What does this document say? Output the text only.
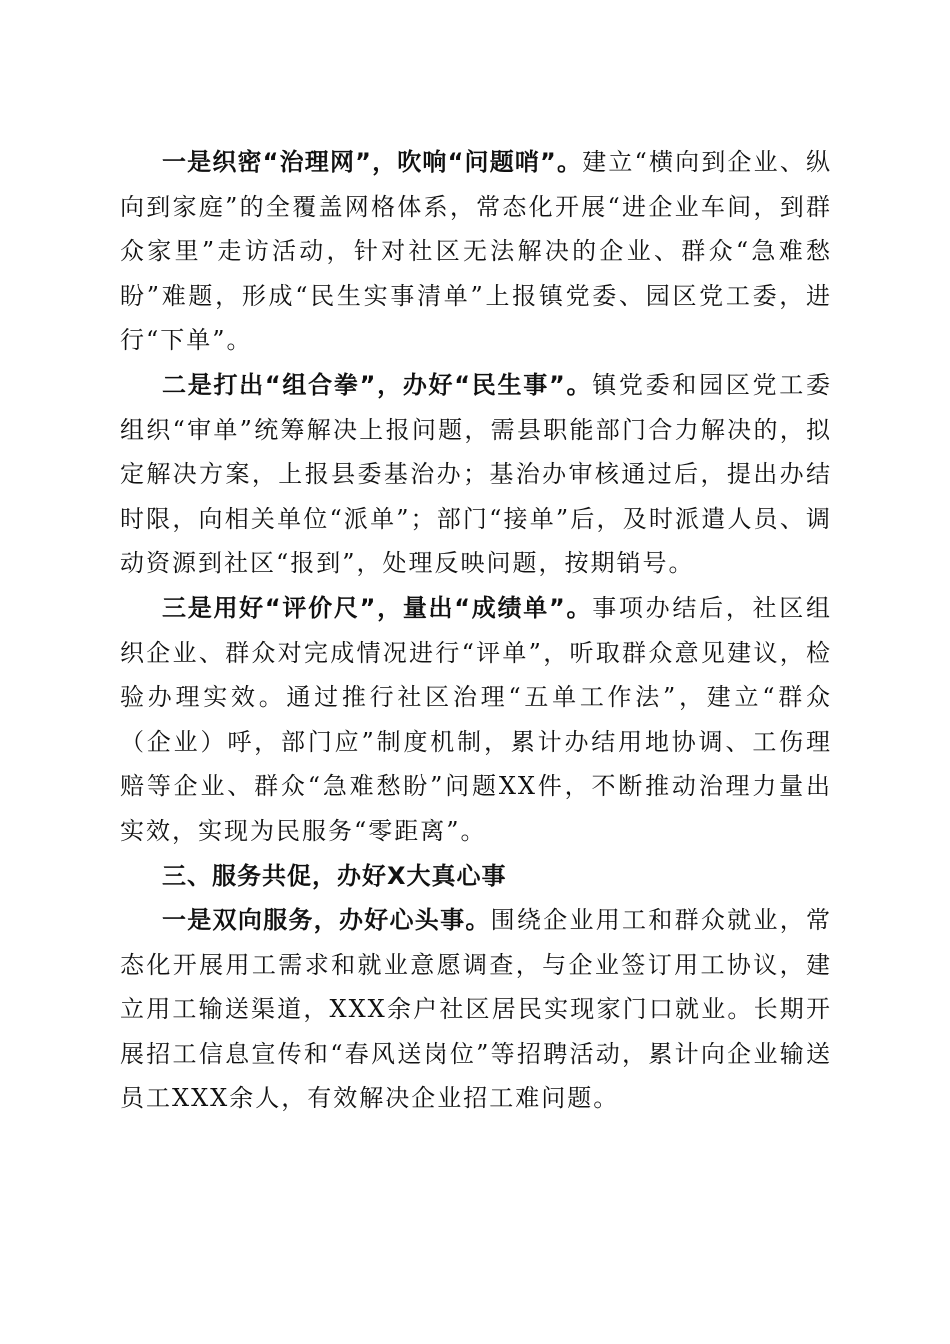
一是织密“治理网”，吹响“问题哨”。建立“横向到企业、纵向到家庭”的全覆盖网格体系，常态化开展“进企业车间，到群众家里”走访活动，针对社区无法解决的企业、群众“急难愁盼”难题，形成“民生实事清单”上报镇党委、园区党工委，进行“下单”。

二是打出“组合拳”，办好“民生事”。镇党委和园区党工委组织“审单”统筹解决上报问题，需县职能部门合力解决的，拟定解决方案，上报县委基治办；基治办审核通过后，提出办结时限，向相关单位“派单”；部门“接单”后，及时派遣人员、调动资源到社区“报到”，处理反映问题，按期销号。

三是用好“评价尺”，量出“成绩单”。事项办结后，社区组织企业、群众对完成情况进行“评单”，听取群众意见建议，检验办理实效。通过推行社区治理“五单工作法”，建立“群众（企业）呼，部门应”制度机制，累计办结用地协调、工伤理赔等企业、群众“急难愁盼”问题XX件，不断推动治理力量出实效，实现为民服务“零距离”。

三、服务共促，办好X大真心事

一是双向服务，办好心头事。围绕企业用工和群众就业，常态化开展用工需求和就业意愿调查，与企业签订用工协议，建立用工输送渠道，XXX余户社区居民实现家门口就业。长期开展招工信息宣传和“春风送岗位”等招聘活动，累计向企业输送员工XXX余人，有效解决企业招工难问题。
